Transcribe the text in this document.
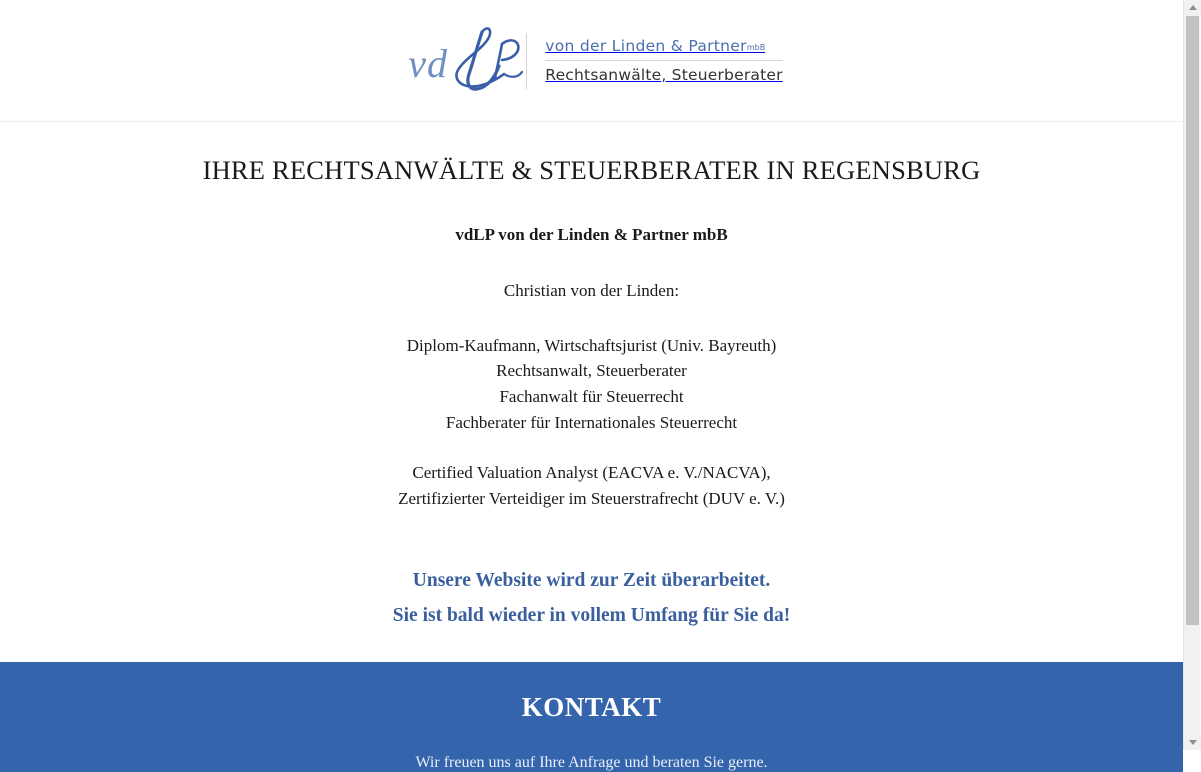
vd	von der Linden & PartnermbB
Rechtsanwälte, Steuerberater
IHRE RECHTSANWÄLTE & STEUERBERATER IN REGENSBURG

vdLP von der Linden & Partner mbB

Christian von der Linden:

Diplom-Kaufmann, Wirtschaftsjurist (Univ. Bayreuth)
Rechtsanwalt, Steuerberater
Fachanwalt für Steuerrecht
Fachberater für Internationales Steuerrecht
Certified Valuation Analyst (EACVA e. V./NACVA),
Zertifizierter Verteidiger im Steuerstrafrecht (DUV e. V.)
Unsere Website wird zur Zeit überarbeitet.
Sie ist bald wieder in vollem Umfang für Sie da!
KONTAKT

Wir freuen uns auf Ihre Anfrage und beraten Sie gerne.
